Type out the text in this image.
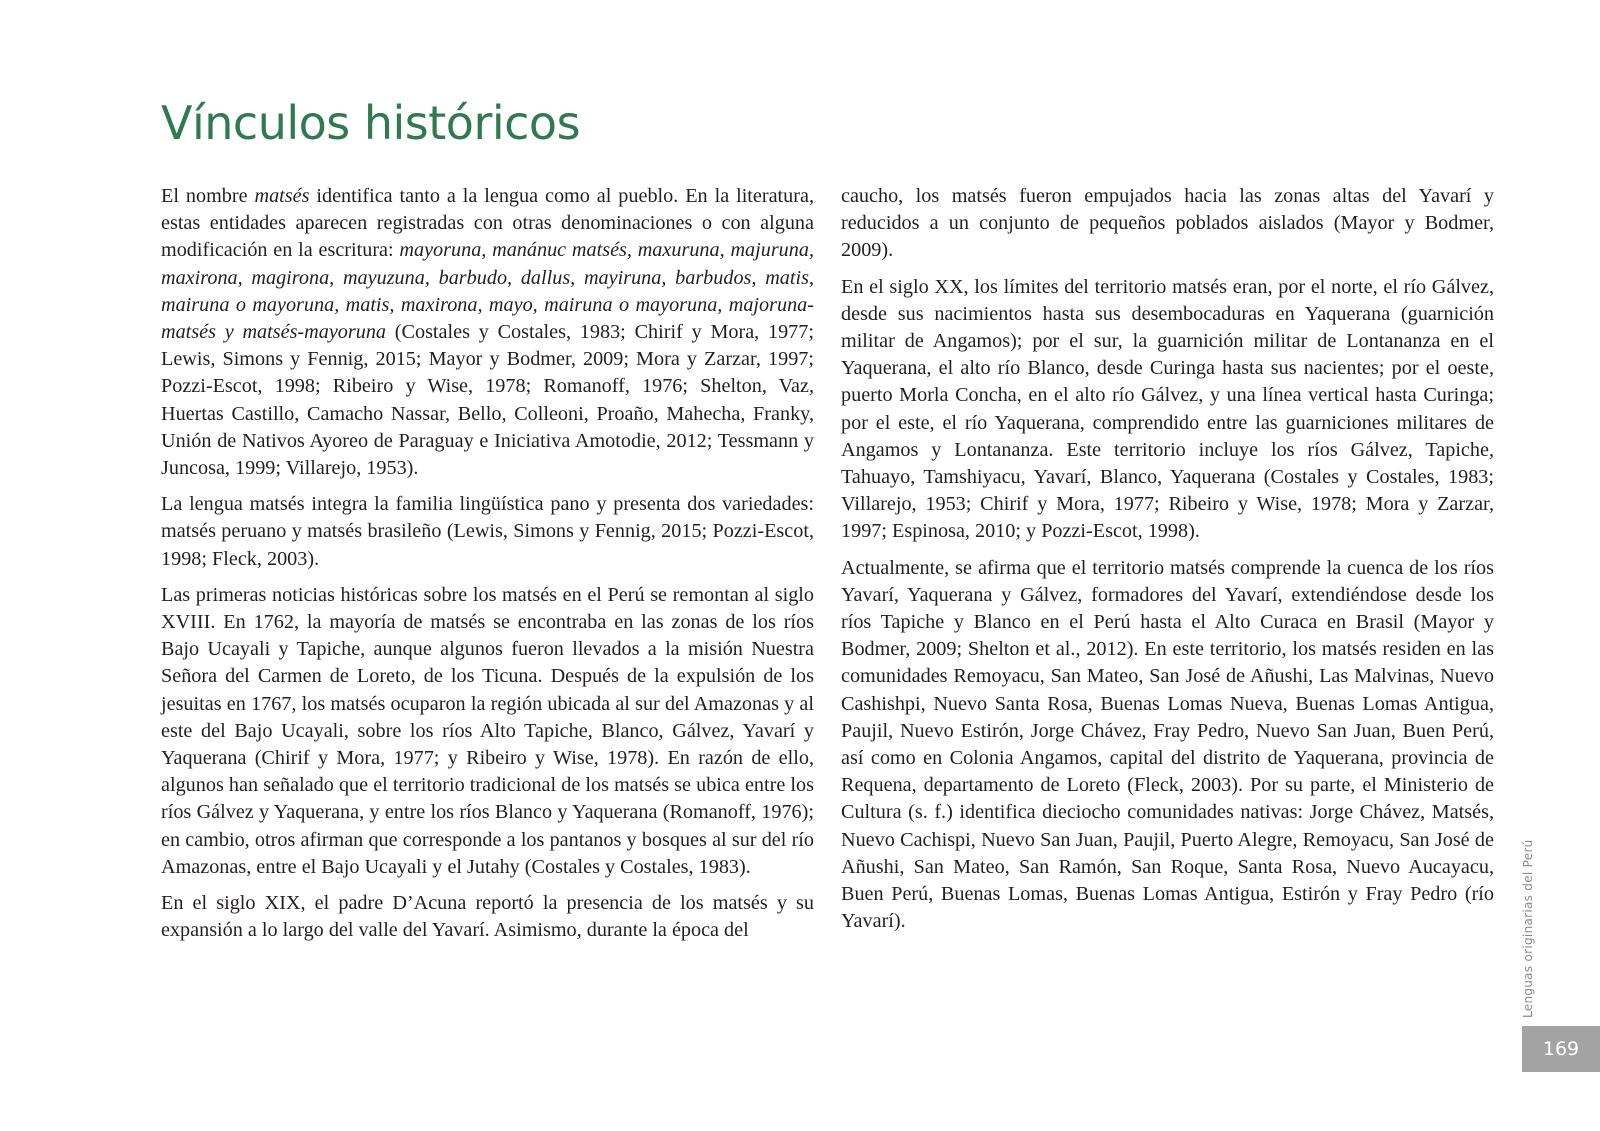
Vínculos históricos

El nombre matsés identifica tanto a la lengua como al pueblo. En la literatura, estas entidades aparecen registradas con otras denominaciones o con alguna modificación en la escritura: mayoruna, manánuc matsés, maxuruna, majuruna, maxirona, magirona, mayuzuna, barbudo, dallus, mayiruna, barbudos, matis, mairuna o mayoruna, matis, maxirona, mayo, mairuna o mayoruna, majoruna-matsés y matsés-mayoruna (Costales y Costales, 1983; Chirif y Mora, 1977; Lewis, Simons y Fennig, 2015; Mayor y Bodmer, 2009; Mora y Zarzar, 1997; Pozzi-Escot, 1998; Ribeiro y Wise, 1978; Romanoff, 1976; Shelton, Vaz, Huertas Castillo, Camacho Nassar, Bello, Colleoni, Proaño, Mahecha, Franky, Unión de Nativos Ayoreo de Paraguay e Iniciativa Amotodie, 2012; Tessmann y Juncosa, 1999; Villarejo, 1953).

La lengua matsés integra la familia lingüística pano y presenta dos variedades: matsés peruano y matsés brasileño (Lewis, Simons y Fennig, 2015; Pozzi-Escot, 1998; Fleck, 2003).

Las primeras noticias históricas sobre los matsés en el Perú se remontan al siglo XVIII. En 1762, la mayoría de matsés se encontraba en las zonas de los ríos Bajo Ucayali y Tapiche, aunque algunos fueron llevados a la misión Nuestra Señora del Carmen de Loreto, de los Ticuna. Después de la expulsión de los jesuitas en 1767, los matsés ocuparon la región ubicada al sur del Amazonas y al este del Bajo Ucayali, sobre los ríos Alto Tapiche, Blanco, Gálvez, Yavarí y Yaquerana (Chirif y Mora, 1977; y Ribeiro y Wise, 1978). En razón de ello, algunos han señalado que el territorio tradicional de los matsés se ubica entre los ríos Gálvez y Yaquerana, y entre los ríos Blanco y Yaquerana (Romanoff, 1976); en cambio, otros afirman que corresponde a los pantanos y bosques al sur del río Amazonas, entre el Bajo Ucayali y el Jutahy (Costales y Costales, 1983).

En el siglo XIX, el padre D’Acuna reportó la presencia de los matsés y su expansión a lo largo del valle del Yavarí. Asimismo, durante la época del

caucho, los matsés fueron empujados hacia las zonas altas del Yavarí y reducidos a un conjunto de pequeños poblados aislados (Mayor y Bodmer, 2009).

En el siglo XX, los límites del territorio matsés eran, por el norte, el río Gálvez, desde sus nacimientos hasta sus desembocaduras en Yaquerana (guarnición militar de Angamos); por el sur, la guarnición militar de Lontananza en el Yaquerana, el alto río Blanco, desde Curinga hasta sus nacientes; por el oeste, puerto Morla Concha, en el alto río Gálvez, y una línea vertical hasta Curinga; por el este, el río Yaquerana, comprendido entre las guarniciones militares de Angamos y Lontananza. Este territorio incluye los ríos Gálvez, Tapiche, Tahuayo, Tamshiyacu, Yavarí, Blanco, Yaquerana (Costales y Costales, 1983; Villarejo, 1953; Chirif y Mora, 1977; Ribeiro y Wise, 1978; Mora y Zarzar, 1997; Espinosa, 2010; y Pozzi-Escot, 1998).

Actualmente, se afirma que el territorio matsés comprende la cuenca de los ríos Yavarí, Yaquerana y Gálvez, formadores del Yavarí, extendiéndose desde los ríos Tapiche y Blanco en el Perú hasta el Alto Curaca en Brasil (Mayor y Bodmer, 2009; Shelton et al., 2012). En este territorio, los matsés residen en las comunidades Remoyacu, San Mateo, San José de Añushi, Las Malvinas, Nuevo Cashishpi, Nuevo Santa Rosa, Buenas Lomas Nueva, Buenas Lomas Antigua, Paujil, Nuevo Estirón, Jorge Chávez, Fray Pedro, Nuevo San Juan, Buen Perú, así como en Colonia Angamos, capital del distrito de Yaquerana, provincia de Requena, departamento de Loreto (Fleck, 2003). Por su parte, el Ministerio de Cultura (s. f.) identifica dieciocho comunidades nativas: Jorge Chávez, Matsés, Nuevo Cachispi, Nuevo San Juan, Paujil, Puerto Alegre, Remoyacu, San José de Añushi, San Mateo, San Ramón, San Roque, Santa Rosa, Nuevo Aucayacu, Buen Perú, Buenas Lomas, Buenas Lomas Antigua, Estirón y Fray Pedro (río Yavarí).	Lenguas originarias del Perú
169
